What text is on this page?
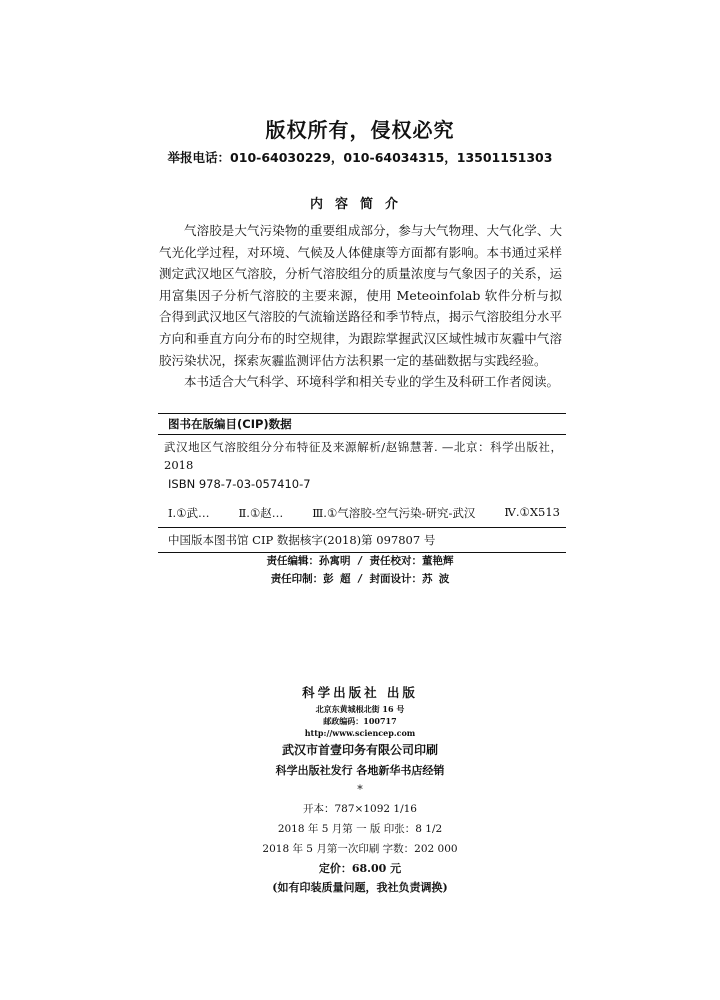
版权所有，侵权必究
举报电话：010-64030229，010-64034315，13501151303
内容简介

气溶胶是大气污染物的重要组成部分，参与大气物理、大气化学、大气光化学过程，对环境、气候及人体健康等方面都有影响。本书通过采样测定武汉地区气溶胶，分析气溶胶组分的质量浓度与气象因子的关系，运用富集因子分析气溶胶的主要来源，使用 Meteoinfolab 软件分析与拟合得到武汉地区气溶胶的气流输送路径和季节特点，揭示气溶胶组分水平方向和垂直方向分布的时空规律，为跟踪掌握武汉区域性城市灰霾中气溶胶污染状况，探索灰霾监测评估方法积累一定的基础数据与实践经验。

本书适合大气科学、环境科学和相关专业的学生及科研工作者阅读。

图书在版编目(CIP)数据
武汉地区气溶胶组分分布特征及来源解析/赵锦慧著. —北京：科学出版社，2018
ISBN 978-7-03-057410-7
Ⅰ.①武…	Ⅱ.①赵…	Ⅲ.①气溶胶-空气污染-研究-武汉	Ⅳ.①X513
中国版本图书馆 CIP 数据核字(2018)第 097807 号
责任编辑：孙寓明 / 责任校对：董艳辉
责任印制：彭 超 / 封面设计：苏 波
科学出版社 出版
北京东黄城根北街 16 号
邮政编码：100717
http://www.sciencep.com
武汉市首壹印务有限公司印刷
科学出版社发行 各地新华书店经销
*
开本：787×1092 1/16
2018 年 5 月第 一 版 印张：8 1/2
2018 年 5 月第一次印刷 字数：202 000
定价：68.00 元
(如有印装质量问题，我社负责调换)
